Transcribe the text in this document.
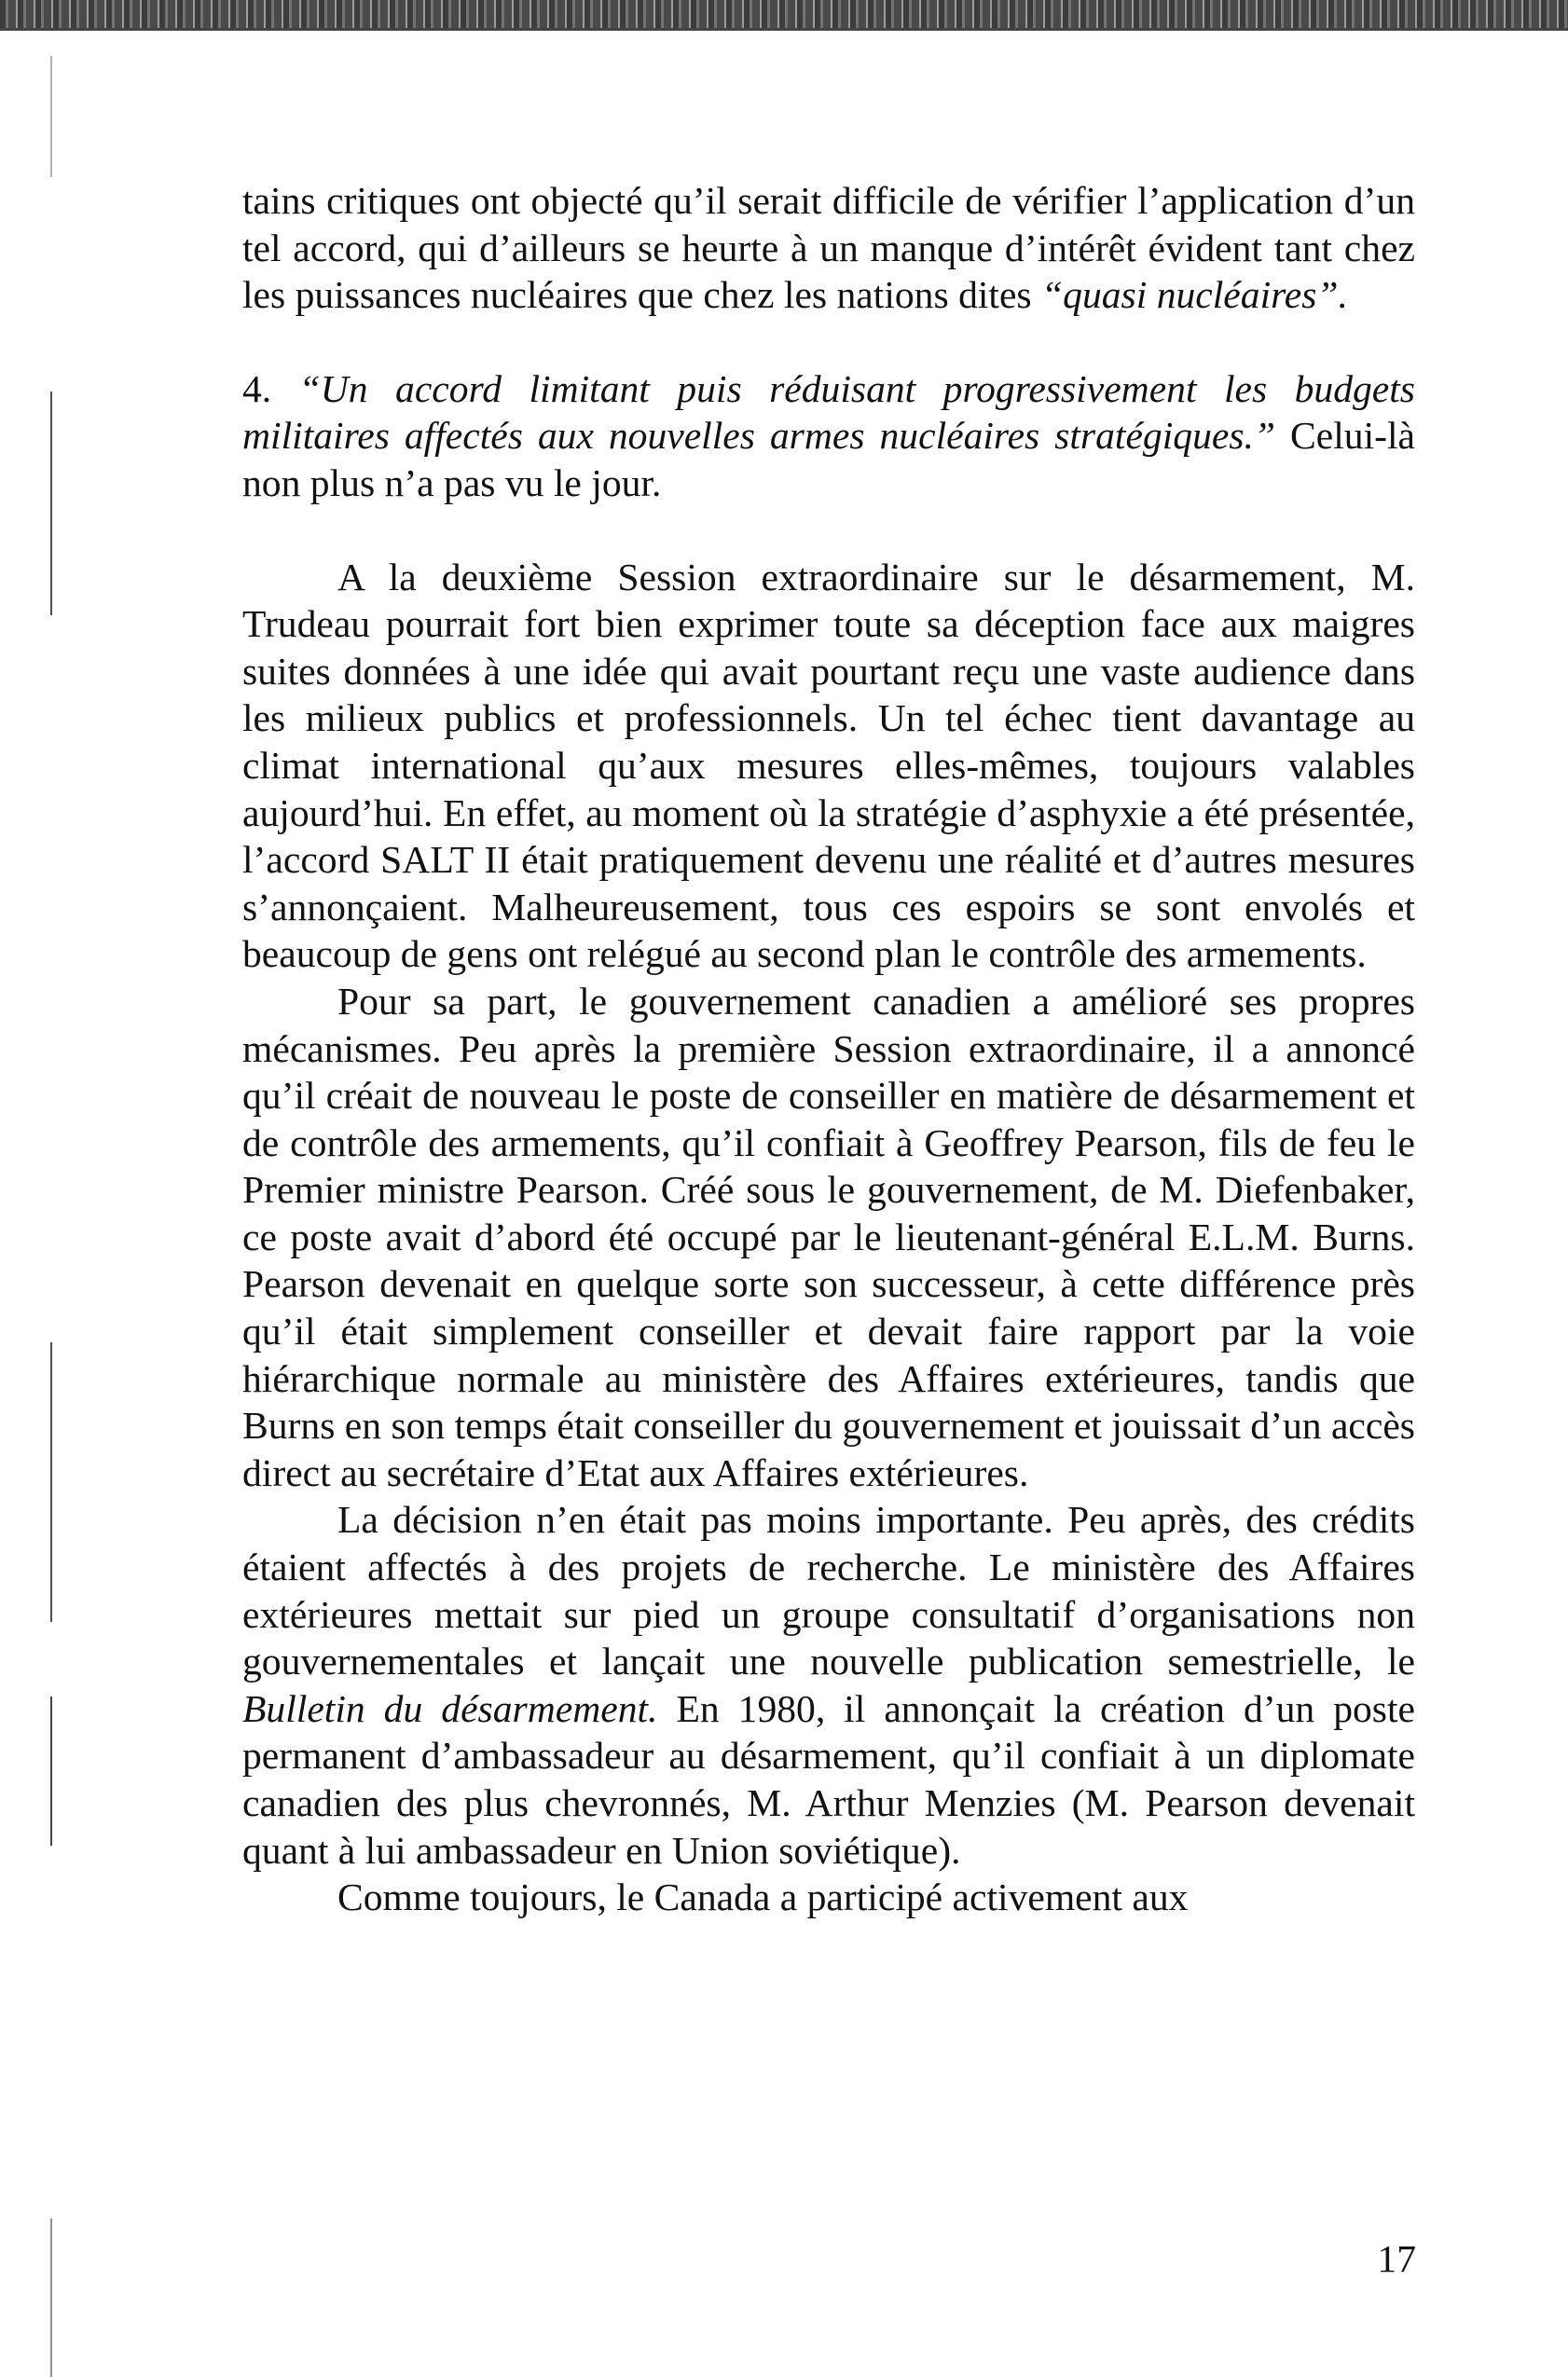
tains critiques ont objecté qu’il serait difficile de vérifier l’application d’un tel accord, qui d’ailleurs se heurte à un manque d’intérêt évident tant chez les puissances nucléaires que chez les nations dites “quasi nucléaires”.

4. “Un accord limitant puis réduisant progressivement les budgets militaires affectés aux nouvelles armes nucléaires stratégiques.” Celui-là non plus n’a pas vu le jour.

A la deuxième Session extraordinaire sur le désarmement, M. Trudeau pourrait fort bien exprimer toute sa déception face aux maigres suites données à une idée qui avait pourtant reçu une vaste audience dans les milieux publics et professionnels. Un tel échec tient davantage au climat international qu’aux mesures elles-mêmes, toujours valables aujourd’hui. En effet, au moment où la stratégie d’asphyxie a été présentée, l’accord SALT II était pratiquement devenu une réalité et d’autres mesures s’annonçaient. Malheureusement, tous ces espoirs se sont envolés et beaucoup de gens ont relégué au second plan le contrôle des armements.

Pour sa part, le gouvernement canadien a amélioré ses propres mécanismes. Peu après la première Session extraordinaire, il a annoncé qu’il créait de nouveau le poste de conseiller en matière de désarmement et de contrôle des armements, qu’il confiait à Geoffrey Pearson, fils de feu le Premier ministre Pearson. Créé sous le gouvernement, de M. Diefenbaker, ce poste avait d’abord été occupé par le lieutenant-général E.L.M. Burns. Pearson devenait en quelque sorte son successeur, à cette différence près qu’il était simplement conseiller et devait faire rapport par la voie hiérarchique normale au ministère des Affaires extérieures, tandis que Burns en son temps était conseiller du gouvernement et jouissait d’un accès direct au secrétaire d’Etat aux Affaires extérieures.

La décision n’en était pas moins importante. Peu après, des crédits étaient affectés à des projets de recherche. Le ministère des Affaires extérieures mettait sur pied un groupe consultatif d’organisations non gouvernementales et lançait une nouvelle publication semestrielle, le Bulletin du désarmement. En 1980, il annonçait la création d’un poste permanent d’ambassadeur au désarmement, qu’il confiait à un diplomate canadien des plus chevronnés, M. Arthur Menzies (M. Pearson devenait quant à lui ambassadeur en Union soviétique).

Comme toujours, le Canada a participé activement aux

17
